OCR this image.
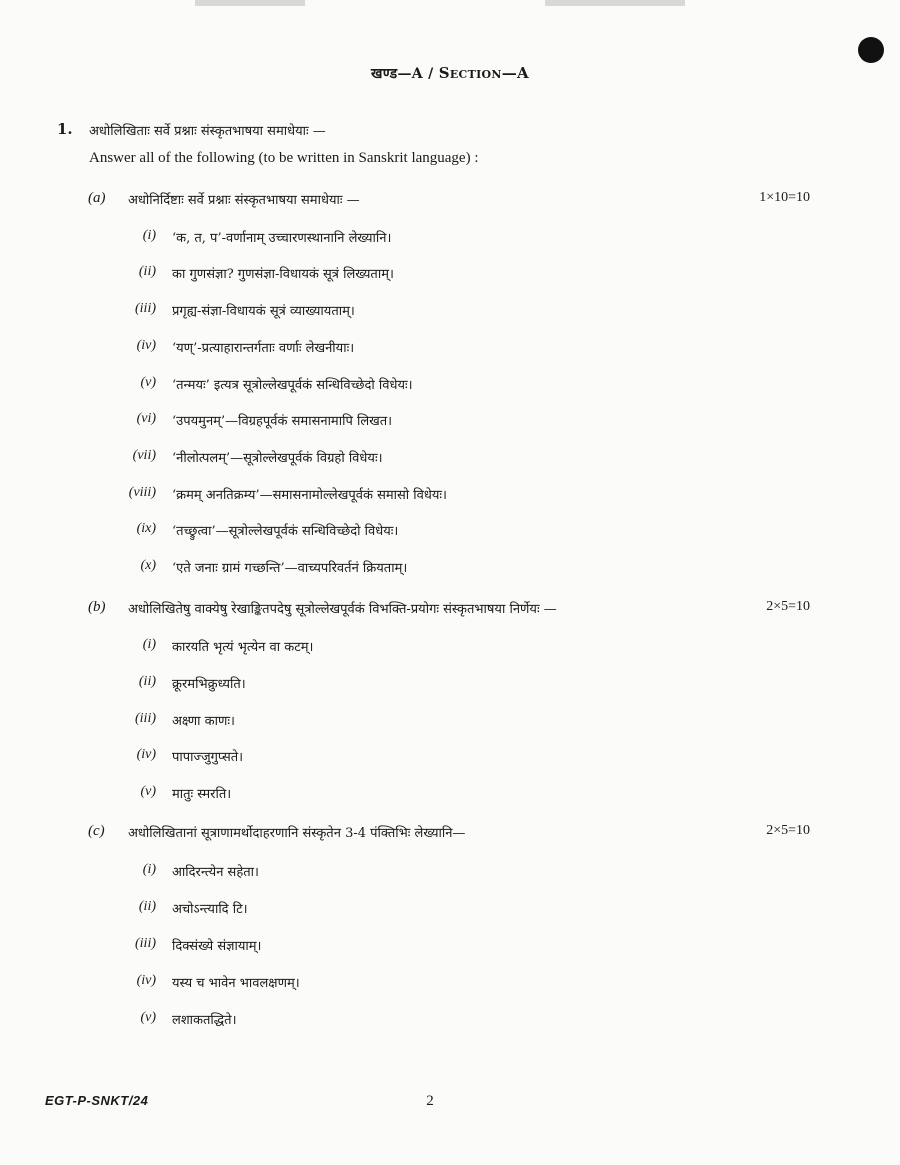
खण्ड—A / Section—A
1. अधोलिखिताः सर्वे प्रश्नाः संस्कृतभाषया समाधेयाः —
Answer all of the following (to be written in Sanskrit language) :
(a)	अधोनिर्दिष्टाः सर्वे प्रश्नाः संस्कृतभाषया समाधेयाः —	1×10=10
(i) ‘क, त, प’-वर्णानाम् उच्चारणस्थानानि लेख्यानि।
(ii) का गुणसंज्ञा? गुणसंज्ञा-विधायकं सूत्रं लिख्यताम्।
(iii) प्रगृह्य-संज्ञा-विधायकं सूत्रं व्याख्यायताम्।
(iv) ‘यण्’-प्रत्याहारान्तर्गताः वर्णाः लेखनीयाः।
(v) ‘तन्मयः’ इत्यत्र सूत्रोल्लेखपूर्वकं सन्धिविच्छेदो विधेयः।
(vi) ‘उपयमुनम्’—विग्रहपूर्वकं समासनामापि लिखत।
(vii) ‘नीलोत्पलम्’—सूत्रोल्लेखपूर्वकं विग्रहो विधेयः।
(viii) ‘क्रमम् अनतिक्रम्य’—समासनामोल्लेखपूर्वकं समासो विधेयः।
(ix) ‘तच्छ्रुत्वा’—सूत्रोल्लेखपूर्वकं सन्धिविच्छेदो विधेयः।
(x) ‘एते जनाः ग्रामं गच्छन्ति’—वाच्यपरिवर्तनं क्रियताम्।
(b)	अधोलिखितेषु वाक्येषु रेखाङ्कितपदेषु सूत्रोल्लेखपूर्वकं विभक्ति-प्रयोगः संस्कृतभाषया निर्णेयः —	2×5=10
(i) कारयति भृत्यं भृत्येन वा कटम्।
(ii) क्रूरमभिक्रुध्यति।
(iii) अक्ष्णा काणः।
(iv) पापाज्जुगुप्सते।
(v) मातुः स्मरति।
(c)	अधोलिखितानां सूत्राणामर्थोदाहरणानि संस्कृतेन 3-4 पंक्तिभिः लेख्यानि—	2×5=10
(i) आदिरन्त्येन सहेता।
(ii) अचोऽन्त्यादि टि।
(iii) दिक्संख्ये संज्ञायाम्।
(iv) यस्य च भावेन भावलक्षणम्।
(v) लशाकतद्धिते।
EGT-P-SNKT/24	2
